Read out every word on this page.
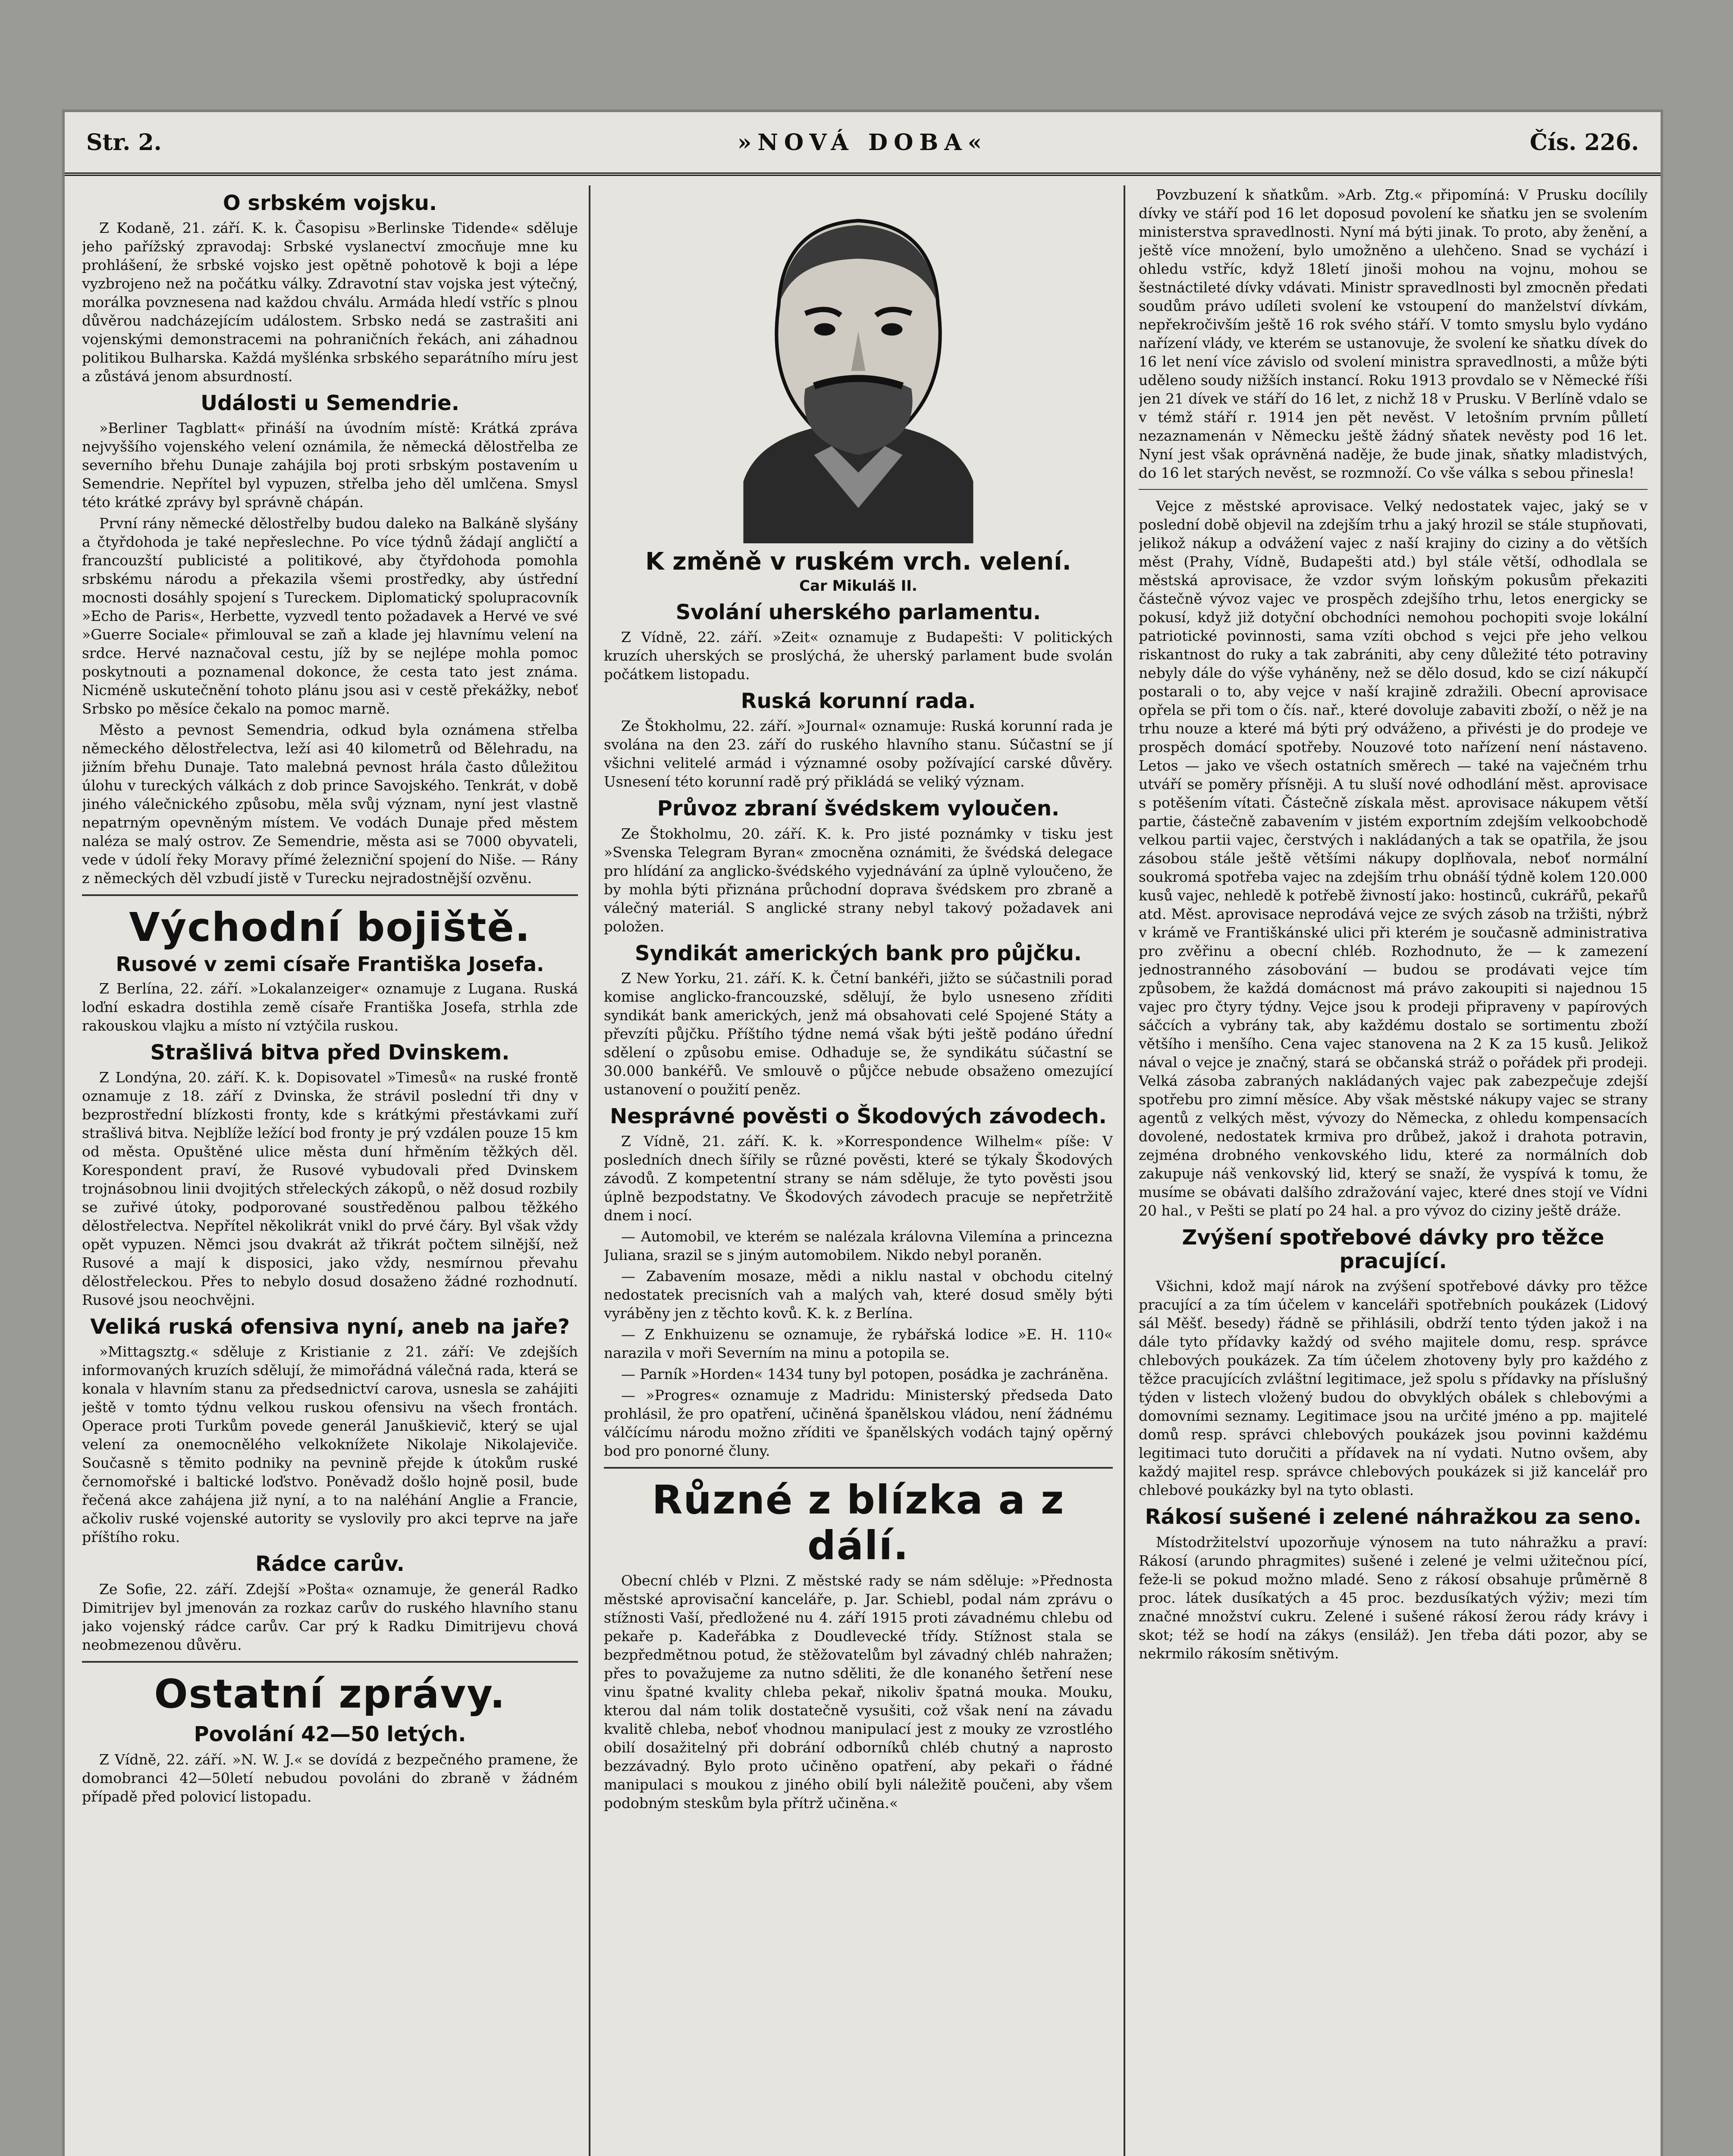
Str. 2.	»NOVÁ DOBA«	Čís. 226.
O srbském vojsku.

Z Kodaně, 21. září. K. k. Časopisu »Berlinske Tidende« sděluje jeho pařížský zpravodaj: Srbské vyslanectví zmocňuje mne ku prohlášení, že srbské vojsko jest opětně pohotově k boji a lépe vyzbrojeno než na počátku války. Zdravotní stav vojska jest výtečný, morálka povznesena nad každou chválu. Armáda hledí vstříc s plnou důvěrou nadcházejícím událostem. Srbsko nedá se zastrašiti ani vojenskými demonstracemi na pohraničních řekách, ani záhadnou politikou Bulharska. Každá myšlénka srbského separátního míru jest a zůstává jenom absurdností.

Události u Semendrie.

»Berliner Tagblatt« přináší na úvodním místě: Krátká zpráva nejvyššího vojenského velení oznámila, že německá dělostřelba ze severního břehu Dunaje zahájila boj proti srbským postavením u Semendrie. Nepřítel byl vypuzen, střelba jeho děl umlčena. Smysl této krátké zprávy byl správně chápán.

První rány německé dělostřelby budou daleko na Balkáně slyšány a čtyřdohoda je také nepřeslechne. Po více týdnů žádají angličtí a francouzští publicisté a politikové, aby čtyřdohoda pomohla srbskému národu a překazila všemi prostředky, aby ústřední mocnosti dosáhly spojení s Tureckem. Diplomatický spolupracovník »Echo de Paris«, Herbette, vyzvedl tento požadavek a Hervé ve své »Guerre Sociale« přimlouval se zaň a klade jej hlavnímu velení na srdce. Hervé naznačoval cestu, jíž by se nejlépe mohla pomoc poskytnouti a poznamenal dokonce, že cesta tato jest známa. Nicméně uskutečnění tohoto plánu jsou asi v cestě překážky, neboť Srbsko po měsíce čekalo na pomoc marně.

Město a pevnost Semendria, odkud byla oznámena střelba německého dělostřelectva, leží asi 40 kilometrů od Bělehradu, na jižním břehu Dunaje. Tato malebná pevnost hrála často důležitou úlohu v tureckých válkách z dob prince Savojského. Tenkrát, v době jiného válečnického způsobu, měla svůj význam, nyní jest vlastně nepatrným opevněným místem. Ve vodách Dunaje před městem naléza se malý ostrov. Ze Semendrie, města asi se 7000 obyvateli, vede v údolí řeky Moravy přímé železniční spojení do Niše. — Rány z německých děl vzbudí jistě v Turecku nejradostnější ozvěnu.

Východní bojiště.
Rusové v zemi císaře Františka Josefa.

Z Berlína, 22. září. »Lokalanzeiger« oznamuje z Lugana. Ruská loďní eskadra dostihla země císaře Františka Josefa, strhla zde rakouskou vlajku a místo ní vztýčila ruskou.

Strašlivá bitva před Dvinskem.

Z Londýna, 20. září. K. k. Dopisovatel »Timesů« na ruské frontě oznamuje z 18. září z Dvinska, že strávil poslední tři dny v bezprostřední blízkosti fronty, kde s krátkými přestávkami zuří strašlivá bitva. Nejblíže ležící bod fronty je prý vzdálen pouze 15 km od města. Opuštěné ulice města duní hřměním těžkých děl. Korespondent praví, že Rusové vybudovali před Dvinskem trojnásobnou linii dvojitých střeleckých zákopů, o něž dosud rozbily se zuřivé útoky, podporované soustředěnou palbou těžkého dělostřelectva. Nepřítel několikrát vnikl do prvé čáry. Byl však vždy opět vypuzen. Němci jsou dvakrát až třikrát počtem silnější, než Rusové a mají k disposici, jako vždy, nesmírnou převahu dělostřeleckou. Přes to nebylo dosud dosaženo žádné rozhodnutí. Rusové jsou neochvějni.

Veliká ruská ofensiva nyní, aneb na jaře?

»Mittagsztg.« sděluje z Kristianie z 21. září: Ve zdejších informovaných kruzích sdělují, že mimořádná válečná rada, která se konala v hlavním stanu za předsednictví carova, usnesla se zahájiti ještě v tomto týdnu velkou ruskou ofensivu na všech frontách. Operace proti Turkům povede generál Januškievič, který se ujal velení za onemocnělého velkoknížete Nikolaje Nikolajeviče. Současně s těmito podniky na pevnině přejde k útokům ruské černomořské i baltické loďstvo. Poněvadž došlo hojně posil, bude řečená akce zahájena již nyní, a to na naléhání Anglie a Francie, ačkoliv ruské vojenské autority se vyslovily pro akci teprve na jaře příštího roku.

Rádce carův.

Ze Sofie, 22. září. Zdejší »Pošta« oznamuje, že generál Radko Dimitrijev byl jmenován za rozkaz carův do ruského hlavního stanu jako vojenský rádce carův. Car prý k Radku Dimitrijevu chová neobmezenou důvěru.

Ostatní zprávy.
Povolání 42—50 letých.

Z Vídně, 22. září. »N. W. J.« se dovídá z bezpečného pramene, že domobranci 42—50letí nebudou povoláni do zbraně v žádném případě před polovicí listopadu.

K změně v ruském vrch. velení.
Car Mikuláš II.
Svolání uherského parlamentu.

Z Vídně, 22. září. »Zeit« oznamuje z Budapešti: V politických kruzích uherských se proslýchá, že uherský parlament bude svolán počátkem listopadu.

Ruská korunní rada.

Ze Štokholmu, 22. září. »Journal« oznamuje: Ruská korunní rada je svolána na den 23. září do ruského hlavního stanu. Súčastní se jí všichni velitelé armád i významné osoby požívající carské důvěry. Usnesení této korunní radě prý přikládá se veliký význam.

Průvoz zbraní švédskem vyloučen.

Ze Štokholmu, 20. září. K. k. Pro jisté poznámky v tisku jest »Svenska Telegram Byran« zmocněna oznámiti, že švédská delegace pro hlídání za anglicko-švédského vyjednávání za úplně vyloučeno, že by mohla býti přiznána průchodní doprava švédskem pro zbraně a válečný materiál. S anglické strany nebyl takový požadavek ani položen.

Syndikát amerických bank pro půjčku.

Z New Yorku, 21. září. K. k. Četní bankéři, jižto se súčastnili porad komise anglicko-francouzské, sdělují, že bylo usneseno zříditi syndikát bank amerických, jenž má obsahovati celé Spojené Státy a převzíti půjčku. Příštího týdne nemá však býti ještě podáno úřední sdělení o způsobu emise. Odhaduje se, že syndikátu súčastní se 30.000 bankéřů. Ve smlouvě o půjčce nebude obsaženo omezující ustanovení o použití peněz.

Nesprávné pověsti o Škodových závodech.

Z Vídně, 21. září. K. k. »Korrespondence Wilhelm« píše: V posledních dnech šířily se různé pověsti, které se týkaly Škodových závodů. Z kompetentní strany se nám sděluje, že tyto pověsti jsou úplně bezpodstatny. Ve Škodových závodech pracuje se nepřetržitě dnem i nocí.

— Automobil, ve kterém se nalézala královna Vilemína a princezna Juliana, srazil se s jiným automobilem. Nikdo nebyl poraněn.

— Zabavením mosaze, mědi a niklu nastal v obchodu citelný nedostatek precisních vah a malých vah, které dosud směly býti vyráběny jen z těchto kovů. K. k. z Berlína.

— Z Enkhuizenu se oznamuje, že rybářská lodice »E. H. 110« narazila v moři Severním na minu a potopila se.

— Parník »Horden« 1434 tuny byl potopen, posádka je zachráněna.

— »Progres« oznamuje z Madridu: Ministerský předseda Dato prohlásil, že pro opatření, učiněná španělskou vládou, není žádnému válčícímu národu možno zříditi ve španělských vodách tajný opěrný bod pro ponorné čluny.

Různé z blízka a z dálí.

Obecní chléb v Plzni. Z městské rady se nám sděluje: »Přednosta městské aprovisační kanceláře, p. Jar. Schiebl, podal nám zprávu o stížnosti Vaší, předložené nu 4. září 1915 proti závadnému chlebu od pekaře p. Kadeřábka z Doudlevecké třídy. Stížnost stala se bezpředmětnou potud, že stěžovatelům byl závadný chléb nahražen; přes to považujeme za nutno sděliti, že dle konaného šetření nese vinu špatné kvality chleba pekař, nikoliv špatná mouka. Mouku, kterou dal nám tolik dostatečně vysušiti, což však není na závadu kvalitě chleba, neboť vhodnou manipulací jest z mouky ze vzrostlého obilí dosažitelný při dobrání odborníků chléb chutný a naprosto bezzávadný. Bylo proto učiněno opatření, aby pekaři o řádné manipulaci s moukou z jiného obilí byli náležitě poučeni, aby všem podobným steskům byla přítrž učiněna.«

Povzbuzení k sňatkům. »Arb. Ztg.« připomíná: V Prusku docílily dívky ve stáří pod 16 let doposud povolení ke sňatku jen se svolením ministerstva spravedlnosti. Nyní má býti jinak. To proto, aby ženění, a ještě více množení, bylo umožněno a ulehčeno. Snad se vychází i ohledu vstříc, když 18letí jinoši mohou na vojnu, mohou se šestnáctileté dívky vdávati. Ministr spravedlnosti byl zmocněn předati soudům právo udíleti svolení ke vstoupení do manželství dívkám, nepřekročivším ještě 16 rok svého stáří. V tomto smyslu bylo vydáno nařízení vlády, ve kterém se ustanovuje, že svolení ke sňatku dívek do 16 let není více závislo od svolení ministra spravedlnosti, a může býti uděleno soudy nižších instancí. Roku 1913 provdalo se v Německé říši jen 21 dívek ve stáří do 16 let, z nichž 18 v Prusku. V Berlíně vdalo se v témž stáří r. 1914 jen pět nevěst. V letošním prvním půlletí nezaznamenán v Německu ještě žádný sňatek nevěsty pod 16 let. Nyní jest však oprávněná naděje, že bude jinak, sňatky mladistvých, do 16 let starých nevěst, se rozmnoží. Co vše válka s sebou přinesla!

Vejce z městské aprovisace. Velký nedostatek vajec, jaký se v poslední době objevil na zdejším trhu a jaký hrozil se stále stupňovati, jelikož nákup a odvážení vajec z naší krajiny do ciziny a do větších měst (Prahy, Vídně, Budapešti atd.) byl stále větší, odhodlala se městská aprovisace, že vzdor svým loňským pokusům překaziti částečně vývoz vajec ve prospěch zdejšího trhu, letos energicky se pokusí, když již dotyční obchodníci nemohou pochopiti svoje lokální patriotické povinnosti, sama vzíti obchod s vejci pře jeho velkou riskantnost do ruky a tak zabrániti, aby ceny důležité této potraviny nebyly dále do výše vyháněny, než se dělo dosud, kdo se cizí nákupčí postarali o to, aby vejce v naší krajině zdražili. Obecní aprovisace opřela se při tom o čís. nař., které dovoluje zabaviti zboží, o něž je na trhu nouze a které má býti prý odváženo, a přivésti je do prodeje ve prospěch domácí spotřeby. Nouzové toto nařízení není nástaveno. Letos — jako ve všech ostatních směrech — také na vaječném trhu utváří se poměry přísněji. A tu sluší nové odhodlání měst. aprovisace s potěšením vítati. Částečně získala měst. aprovisace nákupem větší partie, částečně zabavením v jistém exportním zdejším velkoobchodě velkou partii vajec, čerstvých i nakládaných a tak se opatřila, že jsou zásobou stále ještě většími nákupy doplňovala, neboť normální soukromá spotřeba vajec na zdejším trhu obnáší týdně kolem 120.000 kusů vajec, nehledě k potřebě živností jako: hostinců, cukrářů, pekařů atd. Měst. aprovisace neprodává vejce ze svých zásob na tržišti, nýbrž v krámě ve Františkánské ulici při kterém je současně administrativa pro zvěřinu a obecní chléb. Rozhodnuto, že — k zamezení jednostranného zásobování — budou se prodávati vejce tím způsobem, že každá domácnost má právo zakoupiti si najednou 15 vajec pro čtyry týdny. Vejce jsou k prodeji připraveny v papírových sáčcích a vybrány tak, aby každému dostalo se sortimentu zboží většího i menšího. Cena vajec stanovena na 2 K za 15 kusů. Jelikož nával o vejce je značný, stará se občanská stráž o pořádek při prodeji. Velká zásoba zabraných nakládaných vajec pak zabezpečuje zdejší spotřebu pro zimní měsíce. Aby však městské nákupy vajec se strany agentů z velkých měst, vývozy do Německa, z ohledu kompensacích dovolené, nedostatek krmiva pro drůbež, jakož i drahota potravin, zejména drobného venkovského lidu, které za normálních dob zakupuje náš venkovský lid, který se snaží, že vyspívá k tomu, že musíme se obávati dalšího zdražování vajec, které dnes stojí ve Vídni 20 hal., v Pešti se platí po 24 hal. a pro vývoz do ciziny ještě dráže.

Zvýšení spotřebové dávky pro těžce pracující.

Všichni, kdož mají nárok na zvýšení spotřebové dávky pro těžce pracující a za tím účelem v kanceláři spotřebních poukázek (Lidový sál Měšť. besedy) řádně se přihlásili, obdrží tento týden jakož i na dále tyto přídavky každý od svého majitele domu, resp. správce chlebových poukázek. Za tím účelem zhotoveny byly pro každého z těžce pracujících zvláštní legitimace, jež spolu s přídavky na příslušný týden v listech vložený budou do obvyklých obálek s chlebovými a domovními seznamy. Legitimace jsou na určité jméno a pp. majitelé domů resp. správci chlebových poukázek jsou povinni každému legitimaci tuto doručiti a přídavek na ní vydati. Nutno ovšem, aby každý majitel resp. správce chlebových poukázek si již kancelář pro chlebové poukázky byl na tyto oblasti.

Rákosí sušené i zelené náhražkou za seno.

Místodržitelství upozorňuje výnosem na tuto náhražku a praví: Rákosí (arundo phragmites) sušené i zelené je velmi užitečnou pící, feže-li se pokud možno mladé. Seno z rákosí obsahuje průměrně 8 proc. látek dusíkatých a 45 proc. bezdusíkatých výživ; mezi tím značné množství cukru. Zelené i sušené rákosí žerou rády krávy i skot; též se hodí na zákys (ensiláž). Jen třeba dáti pozor, aby se nekrmilo rákosím snětivým.
